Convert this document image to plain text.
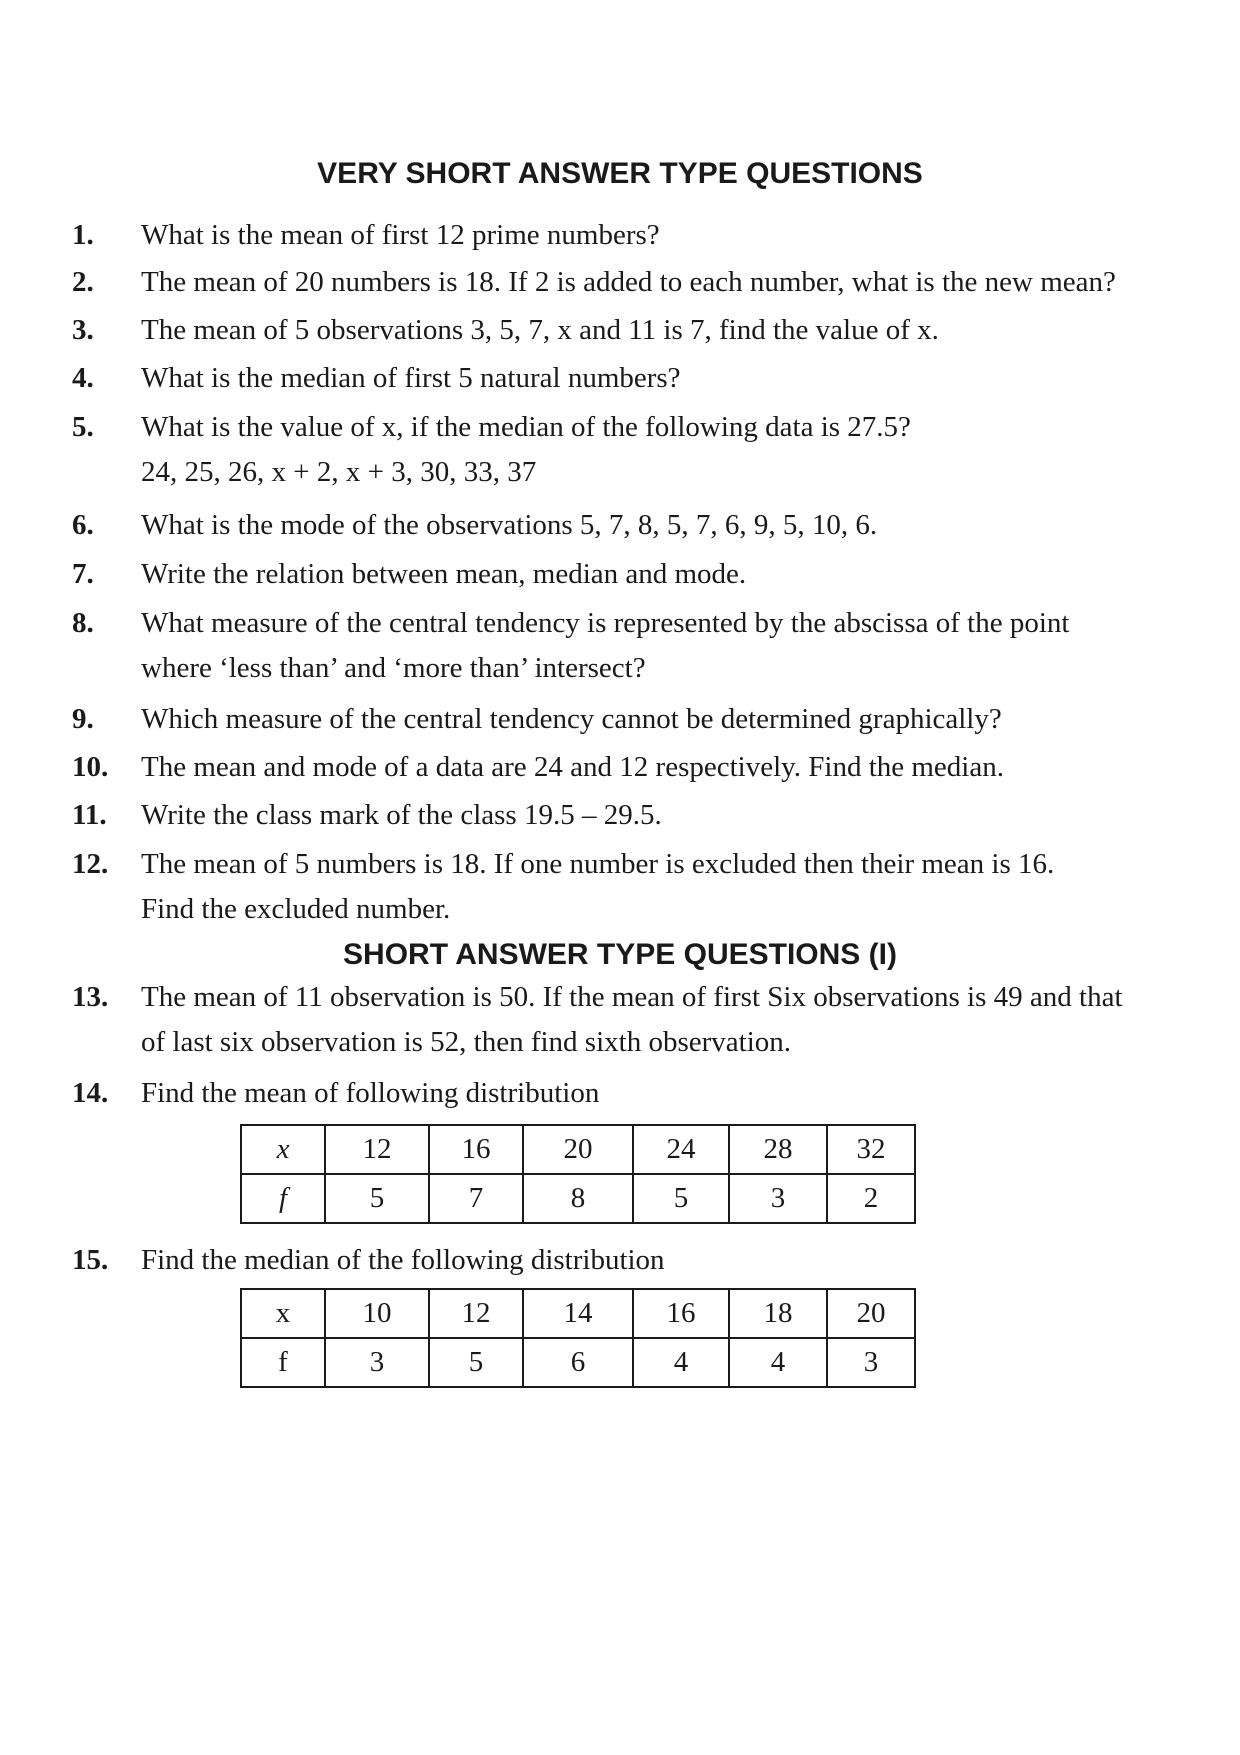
VERY SHORT ANSWER TYPE QUESTIONS
1.	What is the mean of first 12 prime numbers?
2.	The mean of 20 numbers is 18. If 2 is added to each number, what is the new mean?
3.	The mean of 5 observations 3, 5, 7, x and 11 is 7, find the value of x.
4.	What is the median of first 5 natural numbers?
5.	What is the value of x, if the median of the following data is 27.5?
24, 25, 26, x + 2, x + 3, 30, 33, 37
6.	What is the mode of the observations 5, 7, 8, 5, 7, 6, 9, 5, 10, 6.
7.	Write the relation between mean, median and mode.
8.	What measure of the central tendency is represented by the abscissa of the point
where ‘less than’ and ‘more than’ intersect?
9.	Which measure of the central tendency cannot be determined graphically?
10.	The mean and mode of a data are 24 and 12 respectively. Find the median.
11.	Write the class mark of the class 19.5 – 29.5.
12.	The mean of 5 numbers is 18. If one number is excluded then their mean is 16.
Find the excluded number.
SHORT ANSWER TYPE QUESTIONS (I)
13.	The mean of 11 observation is 50. If the mean of first Six observations is 49 and that
of last six observation is 52, then find sixth observation.
14.	Find the mean of following distribution
x	12	16	20	24	28	32
f	5	7	8	5	3	2
15.	Find the median of the following distribution
x	10	12	14	16	18	20
f	3	5	6	4	4	3
